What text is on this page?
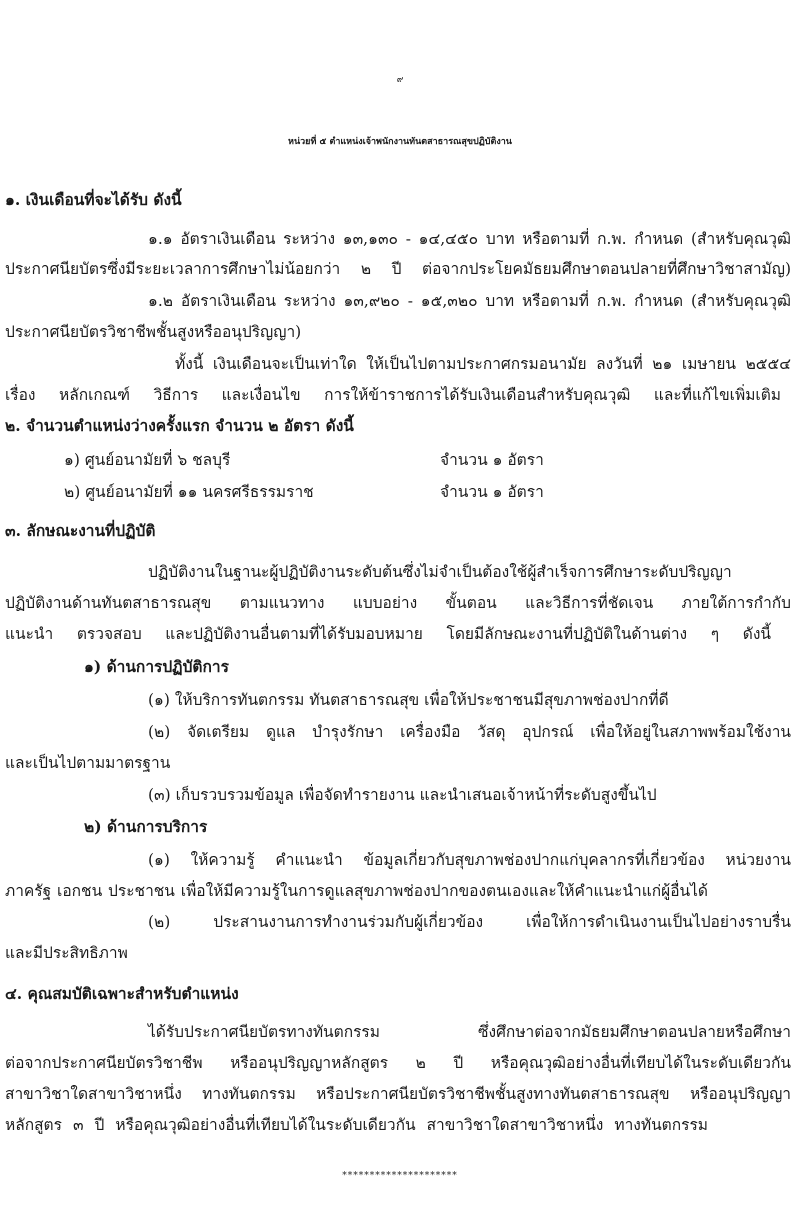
๙
หน่วยที่ ๕ ตำแหน่งเจ้าพนักงานทันตสาธารณสุขปฏิบัติงาน
๑. เงินเดือนที่จะได้รับ ดังนี้
๑.๑ อัตราเงินเดือน ระหว่าง ๑๓,๑๓๐ - ๑๔,๔๕๐ บาท หรือตามที่ ก.พ. กำหนด (สำหรับคุณวุฒิ
ประกาศนียบัตรซึ่งมีระยะเวลาการศึกษาไม่น้อยกว่า ๒ ปี ต่อจากประโยคมัธยมศึกษาตอนปลายที่ศึกษาวิชาสามัญ)
๑.๒ อัตราเงินเดือน ระหว่าง ๑๓,๙๒๐ - ๑๕,๓๒๐ บาท หรือตามที่ ก.พ. กำหนด (สำหรับคุณวุฒิ
ประกาศนียบัตรวิชาชีพชั้นสูงหรืออนุปริญญา)
ทั้งนี้ เงินเดือนจะเป็นเท่าใด ให้เป็นไปตามประกาศกรมอนามัย ลงวันที่ ๒๑ เมษายน ๒๕๕๔
เรื่อง หลักเกณฑ์ วิธีการ และเงื่อนไข การให้ข้าราชการได้รับเงินเดือนสำหรับคุณวุฒิ และที่แก้ไขเพิ่มเติม
๒. จำนวนตำแหน่งว่างครั้งแรก จำนวน ๒ อัตรา ดังนี้
๑) ศูนย์อนามัยที่ ๖ ชลบุรี	จำนวน ๑ อัตรา
๒) ศูนย์อนามัยที่ ๑๑ นครศรีธรรมราช	จำนวน ๑ อัตรา
๓. ลักษณะงานที่ปฏิบัติ
ปฏิบัติงานในฐานะผู้ปฏิบัติงานระดับต้นซึ่งไม่จำเป็นต้องใช้ผู้สำเร็จการศึกษาระดับปริญญา
ปฏิบัติงานด้านทันตสาธารณสุข ตามแนวทาง แบบอย่าง ขั้นตอน และวิธีการที่ชัดเจน ภายใต้การกำกับ
แนะนำ ตรวจสอบ และปฏิบัติงานอื่นตามที่ได้รับมอบหมาย โดยมีลักษณะงานที่ปฏิบัติในด้านต่าง ๆ ดังนี้
๑) ด้านการปฏิบัติการ
(๑) ให้บริการทันตกรรม ทันตสาธารณสุข เพื่อให้ประชาชนมีสุขภาพช่องปากที่ดี
(๒) จัดเตรียม ดูแล บำรุงรักษา เครื่องมือ วัสดุ อุปกรณ์ เพื่อให้อยู่ในสภาพพร้อมใช้งาน
และเป็นไปตามมาตรฐาน
(๓) เก็บรวบรวมข้อมูล เพื่อจัดทำรายงาน และนำเสนอเจ้าหน้าที่ระดับสูงขึ้นไป
๒) ด้านการบริการ
(๑) ให้ความรู้ คำแนะนำ ข้อมูลเกี่ยวกับสุขภาพช่องปากแก่บุคลากรที่เกี่ยวข้อง หน่วยงาน
ภาครัฐ เอกชน ประชาชน เพื่อให้มีความรู้ในการดูแลสุขภาพช่องปากของตนเองและให้คำแนะนำแก่ผู้อื่นได้
(๒) ประสานงานการทำงานร่วมกับผู้เกี่ยวข้อง เพื่อให้การดำเนินงานเป็นไปอย่างราบรื่น
และมีประสิทธิภาพ
๔. คุณสมบัติเฉพาะสำหรับตำแหน่ง
ได้รับประกาศนียบัตรทางทันตกรรม ซึ่งศึกษาต่อจากมัธยมศึกษาตอนปลายหรือศึกษา
ต่อจากประกาศนียบัตรวิชาชีพ หรืออนุปริญญาหลักสูตร ๒ ปี หรือคุณวุฒิอย่างอื่นที่เทียบได้ในระดับเดียวกัน
สาขาวิชาใดสาขาวิชาหนึ่ง ทางทันตกรรม หรือประกาศนียบัตรวิชาชีพชั้นสูงทางทันตสาธารณสุข หรืออนุปริญญา
หลักสูตร ๓ ปี หรือคุณวุฒิอย่างอื่นที่เทียบได้ในระดับเดียวกัน สาขาวิชาใดสาขาวิชาหนึ่ง ทางทันตกรรม
*********************
